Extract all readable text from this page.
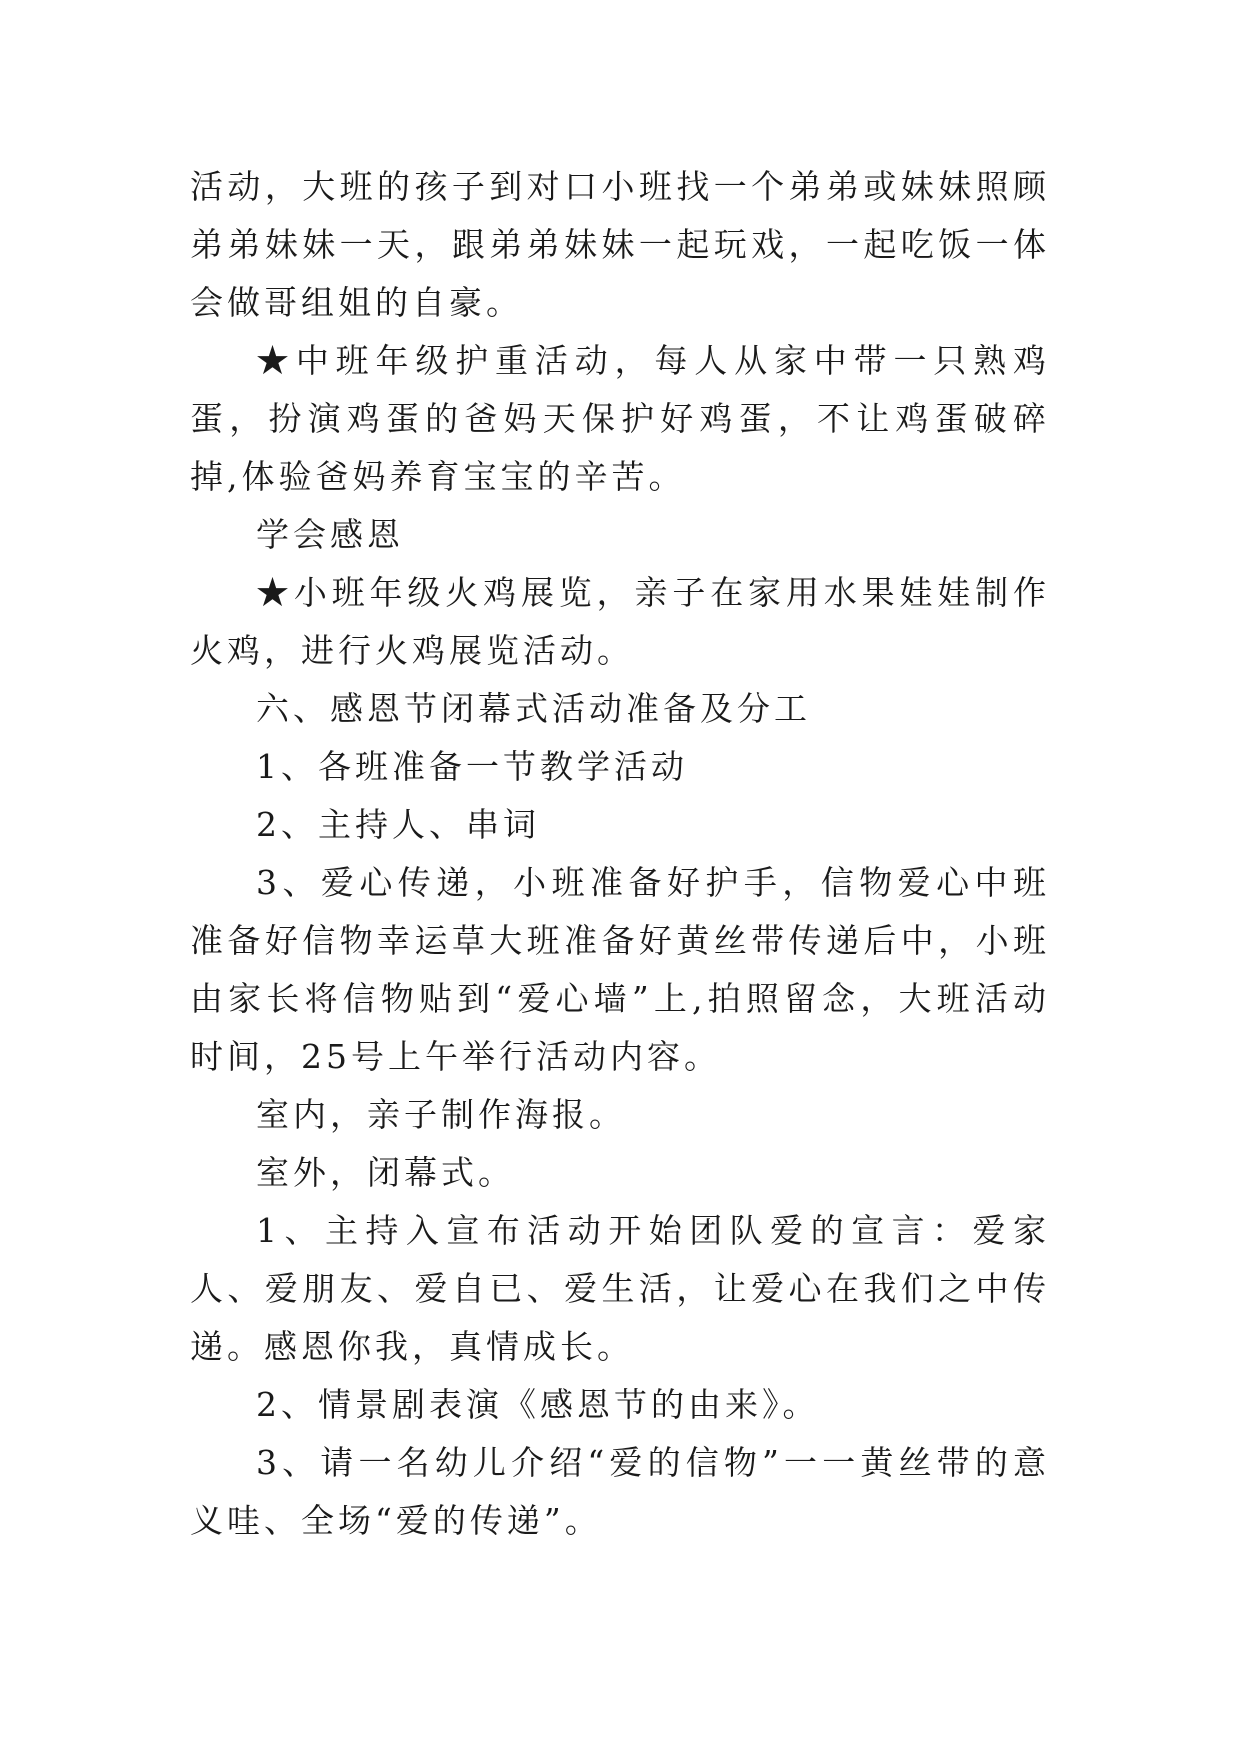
活动，大班的孩子到对口小班找一个弟弟或妹妹照顾弟弟妹妹一天，跟弟弟妹妹一起玩戏，一起吃饭一体会做哥组姐的自豪。

★中班年级护重活动，每人从家中带一只熟鸡蛋，扮演鸡蛋的爸妈天保护好鸡蛋，不让鸡蛋破碎掉,体验爸妈养育宝宝的辛苦。

学会感恩

★小班年级火鸡展览，亲子在家用水果娃娃制作火鸡，进行火鸡展览活动。

六、感恩节闭幕式活动准备及分工

1、各班准备一节教学活动

2、主持人、串词

3、爱心传递，小班准备好护手，信物爱心中班准备好信物幸运草大班准备好黄丝带传递后中，小班由家长将信物贴到“爱心墙”上,拍照留念，大班活动时间，25号上午举行活动内容。

室内，亲子制作海报。

室外，闭幕式。

1、主持入宣布活动开始团队爱的宣言：爱家人、爱朋友、爱自已、爱生活，让爱心在我们之中传递。感恩你我，真情成长。

2、情景剧表演《感恩节的由来》。

3、请一名幼儿介绍“爱的信物”一一黄丝带的意义哇、全场“爱的传递”。
